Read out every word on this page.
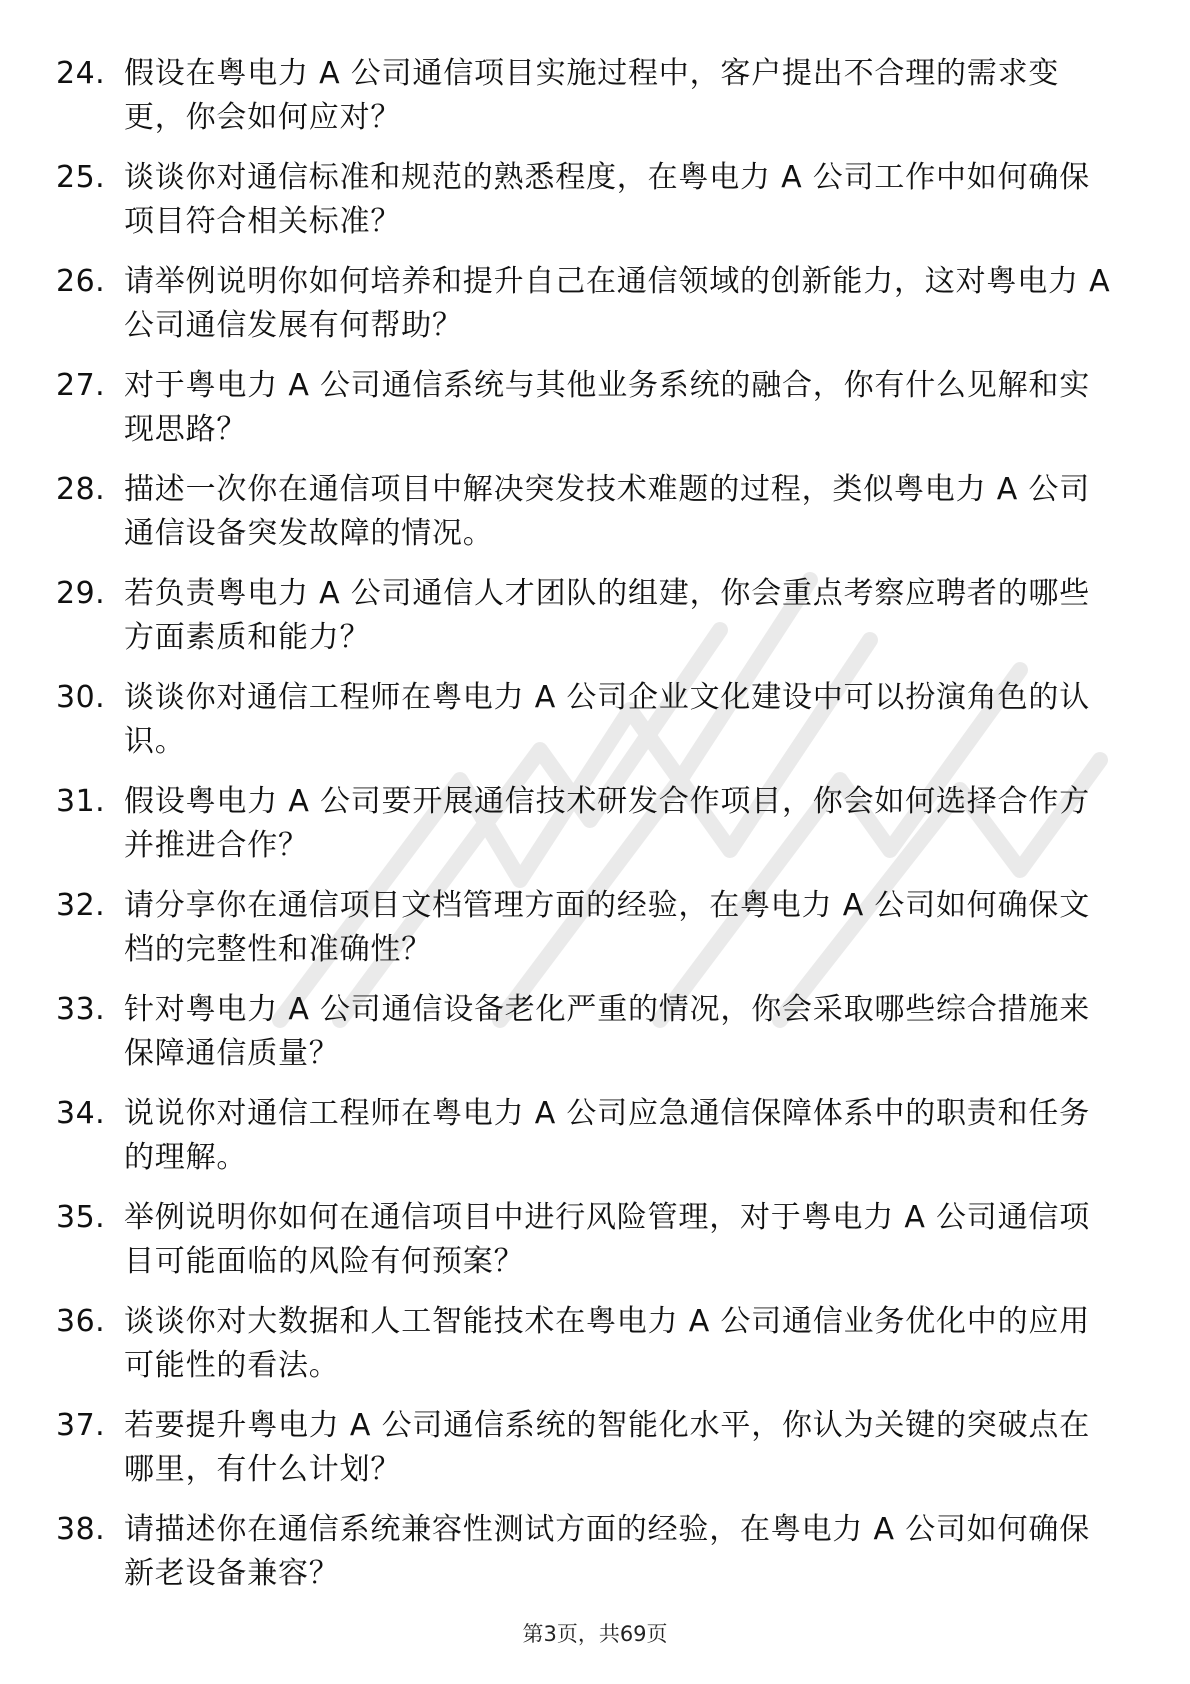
24. 假设在粤电力 A 公司通信项目实施过程中，客户提出不合理的需求变更，你会如何应对？
25. 谈谈你对通信标准和规范的熟悉程度，在粤电力 A 公司工作中如何确保项目符合相关标准？
26. 请举例说明你如何培养和提升自己在通信领域的创新能力，这对粤电力 A 公司通信发展有何帮助？
27. 对于粤电力 A 公司通信系统与其他业务系统的融合，你有什么见解和实现思路？
28. 描述一次你在通信项目中解决突发技术难题的过程，类似粤电力 A 公司通信设备突发故障的情况。
29. 若负责粤电力 A 公司通信人才团队的组建，你会重点考察应聘者的哪些方面素质和能力？
30. 谈谈你对通信工程师在粤电力 A 公司企业文化建设中可以扮演角色的认识。
31. 假设粤电力 A 公司要开展通信技术研发合作项目，你会如何选择合作方并推进合作？
32. 请分享你在通信项目文档管理方面的经验，在粤电力 A 公司如何确保文档的完整性和准确性？
33. 针对粤电力 A 公司通信设备老化严重的情况，你会采取哪些综合措施来保障通信质量？
34. 说说你对通信工程师在粤电力 A 公司应急通信保障体系中的职责和任务的理解。
35. 举例说明你如何在通信项目中进行风险管理，对于粤电力 A 公司通信项目可能面临的风险有何预案？
36. 谈谈你对大数据和人工智能技术在粤电力 A 公司通信业务优化中的应用可能性的看法。
37. 若要提升粤电力 A 公司通信系统的智能化水平，你认为关键的突破点在哪里，有什么计划？
38. 请描述你在通信系统兼容性测试方面的经验，在粤电力 A 公司如何确保新老设备兼容？
第3页，共69页
